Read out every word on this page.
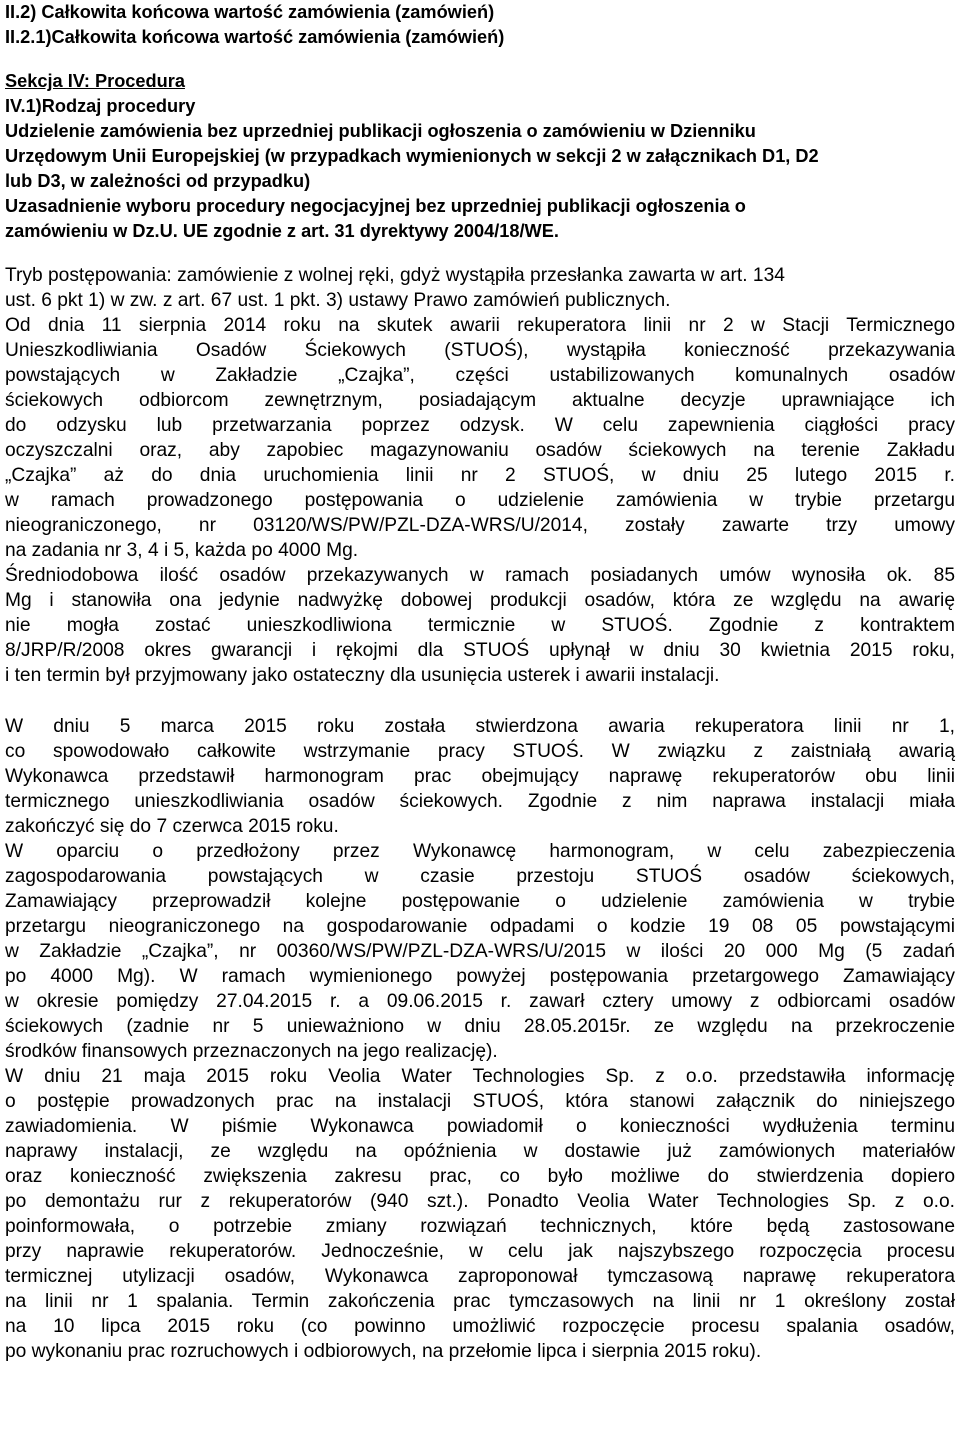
II.2) Całkowita końcowa wartość zamówienia (zamówień)
II.2.1)Całkowita końcowa wartość zamówienia (zamówień)
Sekcja IV: Procedura
IV.1)Rodzaj procedury
Udzielenie zamówienia bez uprzedniej publikacji ogłoszenia o zamówieniu w Dzienniku
Urzędowym Unii Europejskiej (w przypadkach wymienionych w sekcji 2 w załącznikach D1, D2
lub D3, w zależności od przypadku)
Uzasadnienie wyboru procedury negocjacyjnej bez uprzedniej publikacji ogłoszenia o
zamówieniu w Dz.U. UE zgodnie z art. 31 dyrektywy 2004/18/WE.
Tryb postępowania: zamówienie z wolnej ręki, gdyż wystąpiła przesłanka zawarta w art. 134
ust. 6 pkt 1) w zw. z art. 67 ust. 1 pkt. 3) ustawy Prawo zamówień publicznych.
Od dnia 11 sierpnia 2014 roku na skutek awarii rekuperatora linii nr 2 w Stacji Termicznego
Unieszkodliwiania Osadów Ściekowych (STUOŚ), wystąpiła konieczność przekazywania
powstających w Zakładzie „Czajka”, części ustabilizowanych komunalnych osadów
ściekowych odbiorcom zewnętrznym, posiadającym aktualne decyzje uprawniające ich
do odzysku lub przetwarzania poprzez odzysk. W celu zapewnienia ciągłości pracy
oczyszczalni oraz, aby zapobiec magazynowaniu osadów ściekowych na terenie Zakładu
„Czajka” aż do dnia uruchomienia linii nr 2 STUOŚ, w dniu 25 lutego 2015 r.
w ramach prowadzonego postępowania o udzielenie zamówienia w trybie przetargu
nieograniczonego, nr 03120/WS/PW/PZL-DZA-WRS/U/2014, zostały zawarte trzy umowy
na zadania nr 3, 4 i 5, każda po 4000 Mg.
Średniodobowa ilość osadów przekazywanych w ramach posiadanych umów wynosiła ok. 85
Mg i stanowiła ona jedynie nadwyżkę dobowej produkcji osadów, która ze względu na awarię
nie mogła zostać unieszkodliwiona termicznie w STUOŚ. Zgodnie z kontraktem
8/JRP/R/2008 okres gwarancji i rękojmi dla STUOŚ upłynął w dniu 30 kwietnia 2015 roku,
i ten termin był przyjmowany jako ostateczny dla usunięcia usterek i awarii instalacji.
W dniu 5 marca 2015 roku została stwierdzona awaria rekuperatora linii nr 1,
co spowodowało całkowite wstrzymanie pracy STUOŚ. W związku z zaistniałą awarią
Wykonawca przedstawił harmonogram prac obejmujący naprawę rekuperatorów obu linii
termicznego unieszkodliwiania osadów ściekowych. Zgodnie z nim naprawa instalacji miała
zakończyć się do 7 czerwca 2015 roku.
W oparciu o przedłożony przez Wykonawcę harmonogram, w celu zabezpieczenia
zagospodarowania powstających w czasie przestoju STUOŚ osadów ściekowych,
Zamawiający przeprowadził kolejne postępowanie o udzielenie zamówienia w trybie
przetargu nieograniczonego na gospodarowanie odpadami o kodzie 19 08 05 powstającymi
w Zakładzie „Czajka”, nr 00360/WS/PW/PZL-DZA-WRS/U/2015 w ilości 20 000 Mg (5 zadań
po 4000 Mg). W ramach wymienionego powyżej postępowania przetargowego Zamawiający
w okresie pomiędzy 27.04.2015 r. a 09.06.2015 r. zawarł cztery umowy z odbiorcami osadów
ściekowych (zadnie nr 5 unieważniono w dniu 28.05.2015r. ze względu na przekroczenie
środków finansowych przeznaczonych na jego realizację).
W dniu 21 maja 2015 roku Veolia Water Technologies Sp. z o.o. przedstawiła informację
o postępie prowadzonych prac na instalacji STUOŚ, która stanowi załącznik do niniejszego
zawiadomienia. W piśmie Wykonawca powiadomił o konieczności wydłużenia terminu
naprawy instalacji, ze względu na opóźnienia w dostawie już zamówionych materiałów
oraz konieczność zwiększenia zakresu prac, co było możliwe do stwierdzenia dopiero
po demontażu rur z rekuperatorów (940 szt.). Ponadto Veolia Water Technologies Sp. z o.o.
poinformowała, o potrzebie zmiany rozwiązań technicznych, które będą zastosowane
przy naprawie rekuperatorów. Jednocześnie, w celu jak najszybszego rozpoczęcia procesu
termicznej utylizacji osadów, Wykonawca zaproponował tymczasową naprawę rekuperatora
na linii nr 1 spalania. Termin zakończenia prac tymczasowych na linii nr 1 określony został
na 10 lipca 2015 roku (co powinno umożliwić rozpoczęcie procesu spalania osadów,
po wykonaniu prac rozruchowych i odbiorowych, na przełomie lipca i sierpnia 2015 roku).
